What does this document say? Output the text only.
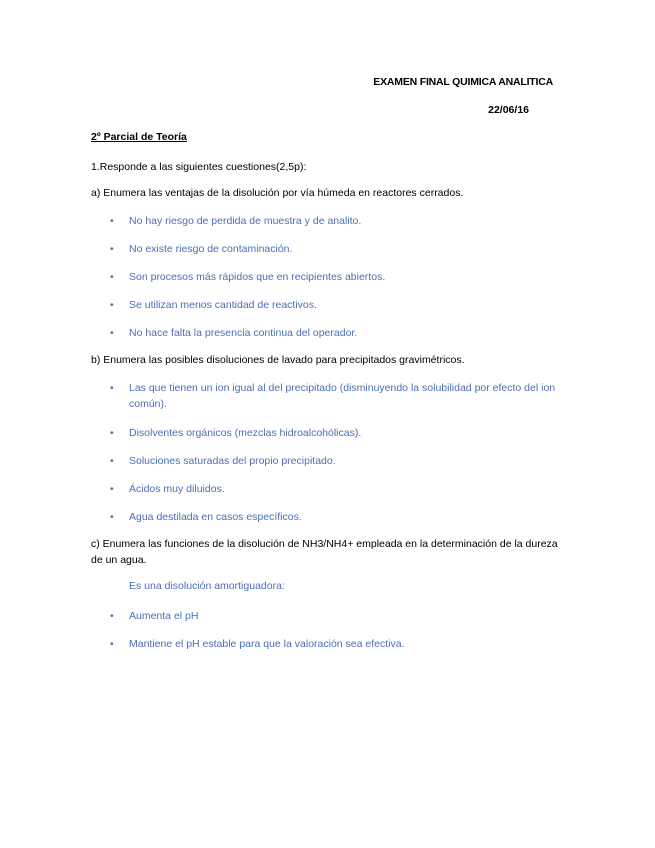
EXAMEN FINAL QUIMICA ANALITICA
22/06/16
2º Parcial de Teoría
1.Responde a las siguientes cuestiones(2,5p):
a) Enumera las ventajas de la disolución por vía húmeda en reactores cerrados.
•	No hay riesgo de perdida de muestra y de analito.
•	No existe riesgo de contaminación.
•	Son procesos más rápidos que en recipientes abiertos.
•	Se utilizan menos cantidad de reactivos.
•	No hace falta la presencia continua del operador.
b) Enumera las posibles disoluciones de lavado para precipitados gravimétricos.
•	Las que tienen un ion igual al del precipitado (disminuyendo la solubilidad por efecto del ion común).
•	Disolventes orgánicos (mezclas hidroalcohólicas).
•	Soluciones saturadas del propio precipitado.
•	Ácidos muy diluidos.
•	Agua destilada en casos específicos.
c) Enumera las funciones de la disolución de NH3/NH4+ empleada en la determinación de la dureza de un agua.
Es una disolución amortiguadora:
•	Aumenta el pH
•	Mantiene el pH estable para que la valoración sea efectiva.
